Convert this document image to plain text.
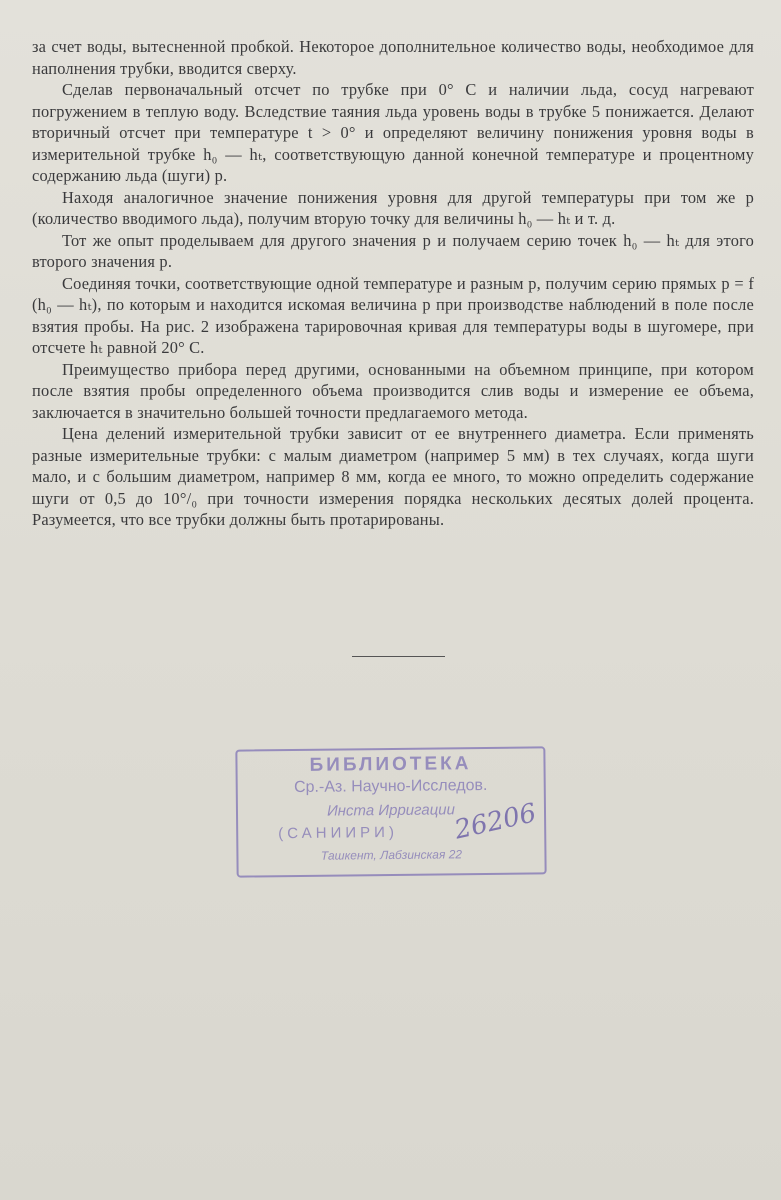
за счет воды, вытесненной пробкой. Некоторое дополнительное количество воды, необходимое для наполнения трубки, вводится сверху.

Сделав первоначальный отсчет по трубке при 0° C и наличии льда, сосуд нагревают погружением в теплую воду. Вследствие таяния льда уровень воды в трубке 5 понижается. Делают вторичный отсчет при температуре t > 0° и определяют величину понижения уровня воды в измерительной трубке h₀ — hₜ, соответствующую данной конечной температуре и процентному содержанию льда (шуги) p.

Находя аналогичное значение понижения уровня для другой температуры при том же p (количество вводимого льда), получим вторую точку для величины h₀ — hₜ и т. д.

Тот же опыт проделываем для другого значения p и получаем серию точек h₀ — hₜ для этого второго значения p.

Соединяя точки, соответствующие одной температуре и разным p, получим серию прямых p = f (h₀ — hₜ), по которым и находится искомая величина p при производстве наблюдений в поле после взятия пробы. На рис. 2 изображена тарировочная кривая для температуры воды в шугомере, при отсчете hₜ равной 20° С.

Преимущество прибора перед другими, основанными на объемном принципе, при котором после взятия пробы определенного объема производится слив воды и измерение ее объема, заключается в значительно большей точности предлагаемого метода.

Цена делений измерительной трубки зависит от ее внутреннего диаметра. Если применять разные измерительные трубки: с малым диаметром (например 5 мм) в тех случаях, когда шуги мало, и с большим диаметром, например 8 мм, когда ее много, то можно определить содержание шуги от 0,5 до 10°/₀ при точности измерения порядка нескольких десятых долей процента. Разумеется, что все трубки должны быть протарированы.

БИБЛИОТЕКА
Ср.-Аз. Научно-Исследов.
Инста Ирригации
(САНИИРИ)
Ташкент, Лабзинская 22
26206
